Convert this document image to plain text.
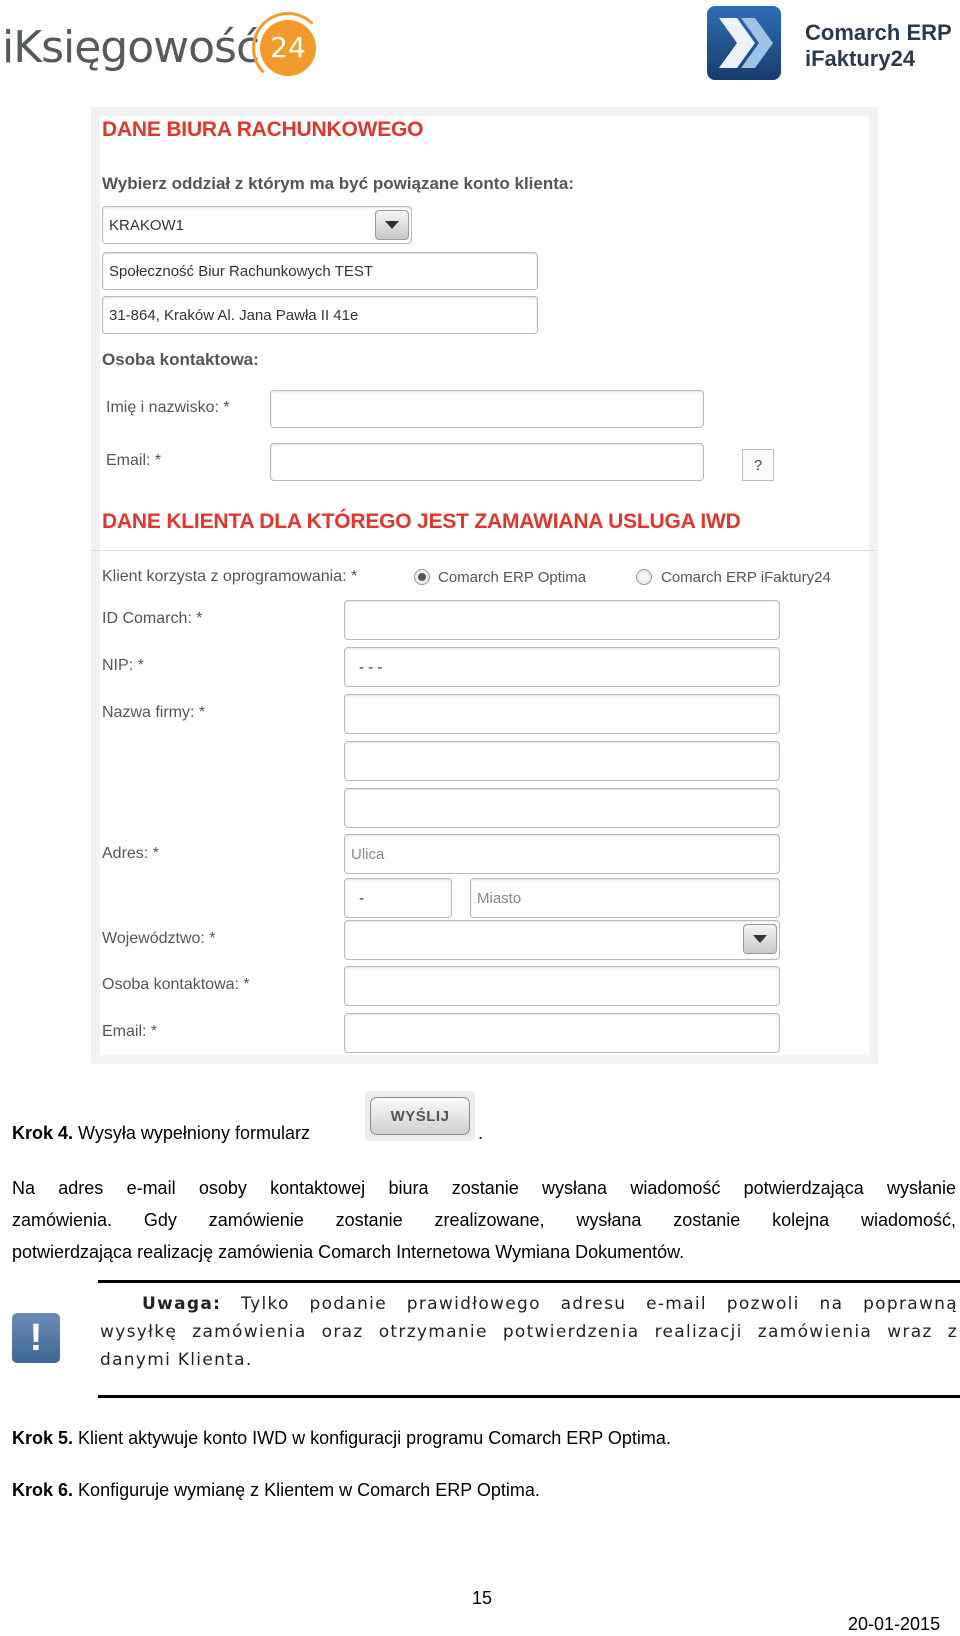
iKsięgowość 24	Comarch ERP
iFaktury24
DANE BIURA RACHUNKOWEGO
Wybierz oddział z którym ma być powiązane konto klienta:
KRAKOW1
Społeczność Biur Rachunkowych TEST
31-864, Kraków Al. Jana Pawła II 41e
Osoba kontaktowa:
Imię i nazwisko: *
Email: *	?
DANE KLIENTA DLA KTÓREGO JEST ZAMAWIANA USLUGA IWD
Klient korzysta z oprogramowania: *	Comarch ERP Optima	Comarch ERP iFaktury24
ID Comarch: *
NIP: *	- - -
Nazwa firmy: *
Adres: *	Ulica
-	Miasto
Województwo: *
Osoba kontaktowa: *
Email: *
Krok 4. Wysyła wypełniony formularz
WYŚLIJ
.
Na adres e-mail osoby kontaktowej biura zostanie wysłana wiadomość potwierdzająca wysłanie
zamówienia. Gdy zamówienie zostanie zrealizowane, wysłana zostanie kolejna wiadomość,
potwierdzająca realizację zamówienia Comarch Internetowa Wymiana Dokumentów.
!
Uwaga: Tylko podanie prawidłowego adresu e-mail pozwoli na poprawną
wysyłkę zamówienia oraz otrzymanie potwierdzenia realizacji zamówienia wraz z
danymi Klienta.
Krok 5. Klient aktywuje konto IWD w konfiguracji programu Comarch ERP Optima.
Krok 6. Konfiguruje wymianę z Klientem w Comarch ERP Optima.
15
20-01-2015
